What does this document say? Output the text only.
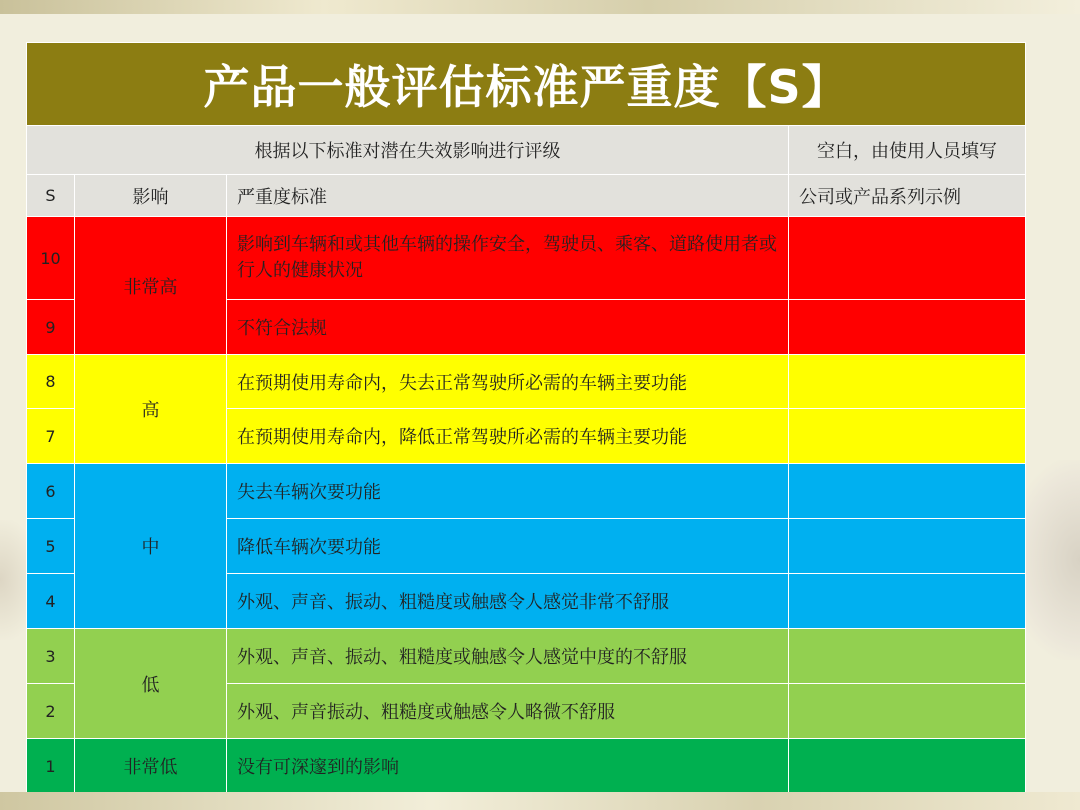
产品一般评估标准严重度【S】			
根据以下标准对潜在失效影响进行评级			空白，由使用人员填写
S	影响	严重度标准	公司或产品系列示例
10	非常高	影响到车辆和或其他车辆的操作安全，驾驶员、乘客、道路使用者或行人的健康状况	
9		不符合法规	
8	高	在预期使用寿命内，失去正常驾驶所必需的车辆主要功能	
7		在预期使用寿命内，降低正常驾驶所必需的车辆主要功能	
6	中	失去车辆次要功能	
5		降低车辆次要功能	
4		外观、声音、振动、粗糙度或触感令人感觉非常不舒服	
3	低	外观、声音、振动、粗糙度或触感令人感觉中度的不舒服	
2		外观、声音振动、粗糙度或触感令人略微不舒服	
1	非常低	没有可深邃到的影响	
